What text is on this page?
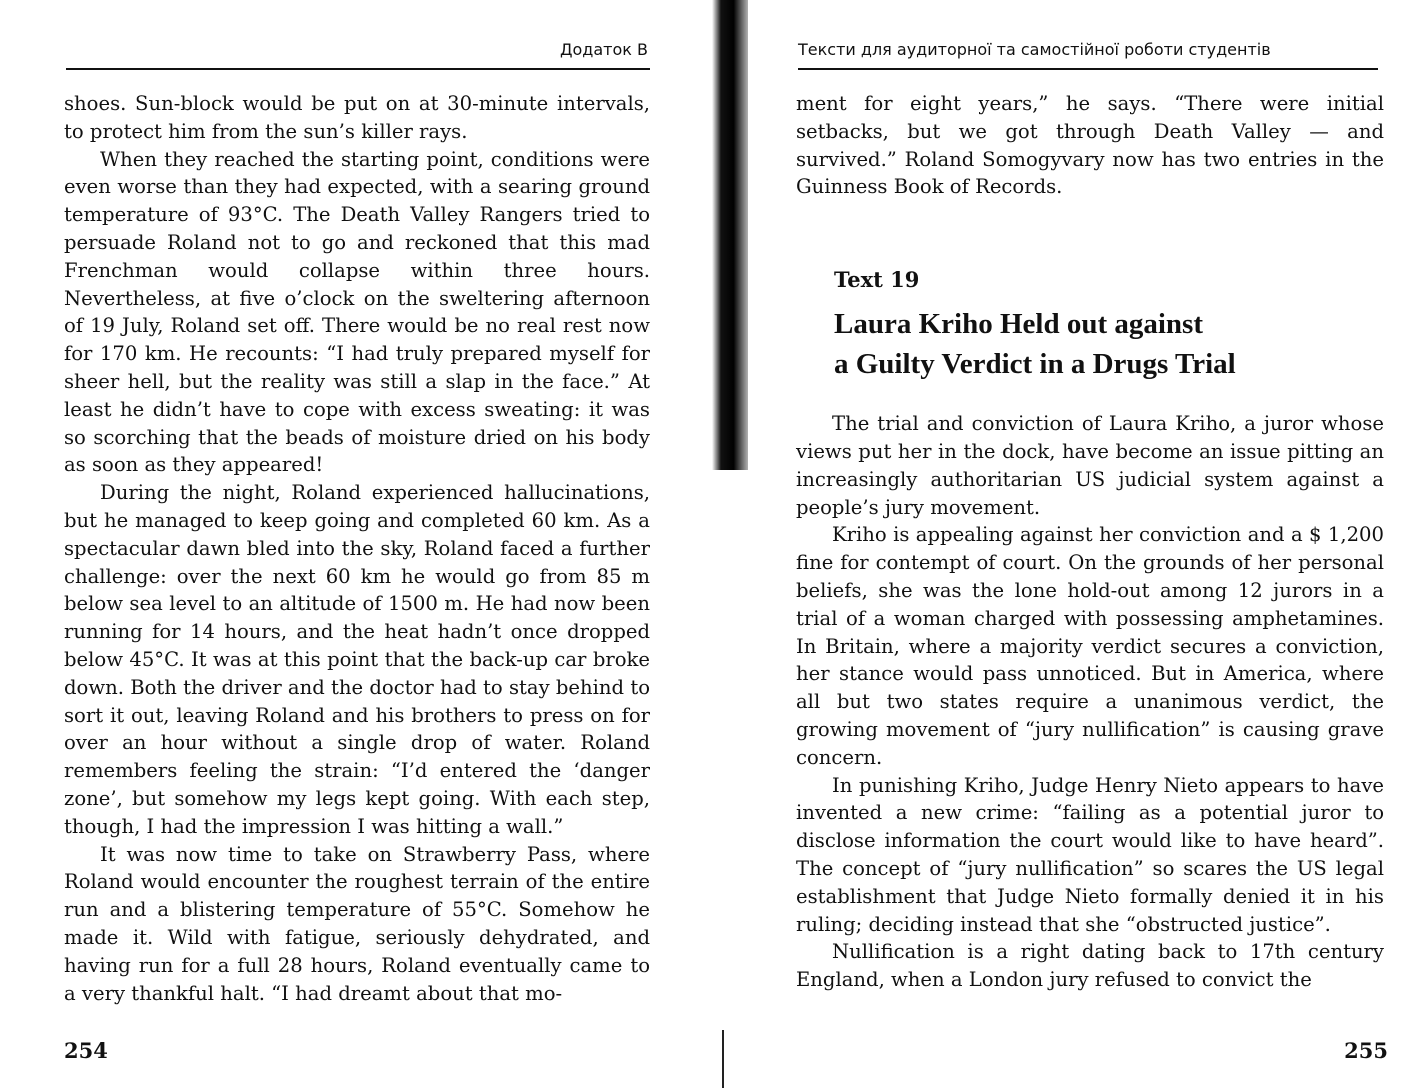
Додаток В

shoes. Sun-block would be put on at 30-minute intervals, to protect him from the sun’s killer rays.

When they reached the starting point, conditions were even worse than they had expected, with a searing ground temperature of 93°C. The Death Valley Rangers tried to persuade Roland not to go and reckoned that this mad Frenchman would collapse within three hours. Nevertheless, at five o’clock on the sweltering afternoon of 19 July, Roland set off. There would be no real rest now for 170 km. He recounts: “I had truly prepared myself for sheer hell, but the reality was still a slap in the face.” At least he didn’t have to cope with excess sweating: it was so scorching that the beads of moisture dried on his body as soon as they appeared!

During the night, Roland experienced hallucinations, but he managed to keep going and completed 60 km. As a spectacular dawn bled into the sky, Roland faced a further challenge: over the next 60 km he would go from 85 m below sea level to an altitude of 1500 m. He had now been running for 14 hours, and the heat hadn’t once dropped below 45°C. It was at this point that the back-up car broke down. Both the driver and the doctor had to stay behind to sort it out, leaving Roland and his brothers to press on for over an hour without a single drop of water. Roland remembers feeling the strain: “I’d entered the ‘danger zone’, but somehow my legs kept going. With each step, though, I had the impression I was hitting a wall.”

It was now time to take on Strawberry Pass, where Roland would encounter the roughest terrain of the entire run and a blistering temperature of 55°C. Somehow he made it. Wild with fatigue, seriously dehydrated, and having run for a full 28 hours, Roland eventually came to a very thankful halt. “I had dreamt about that mo-

254
Тексти для аудиторної та самостійної роботи студентів

ment for eight years,” he says. “There were initial setbacks, but we got through Death Valley — and survived.” Roland Somogyvary now has two entries in the Guinness Book of Records.

Text 19
Laura Kriho Held out against
a Guilty Verdict in a Drugs Trial

The trial and conviction of Laura Kriho, a juror whose views put her in the dock, have become an issue pitting an increasingly authoritarian US judicial system against a people’s jury movement.

Kriho is appealing against her conviction and a $ 1,200 fine for contempt of court. On the grounds of her personal beliefs, she was the lone hold-out among 12 jurors in a trial of a woman charged with possessing amphetamines. In Britain, where a majority verdict secures a conviction, her stance would pass unnoticed. But in America, where all but two states require a unanimous verdict, the growing movement of “jury nullification” is causing grave concern.

In punishing Kriho, Judge Henry Nieto appears to have invented a new crime: “failing as a potential juror to disclose information the court would like to have heard”. The concept of “jury nullification” so scares the US legal establishment that Judge Nieto formally denied it in his ruling; deciding instead that she “obstructed justice”.

Nullification is a right dating back to 17th century England, when a London jury refused to convict the

255
